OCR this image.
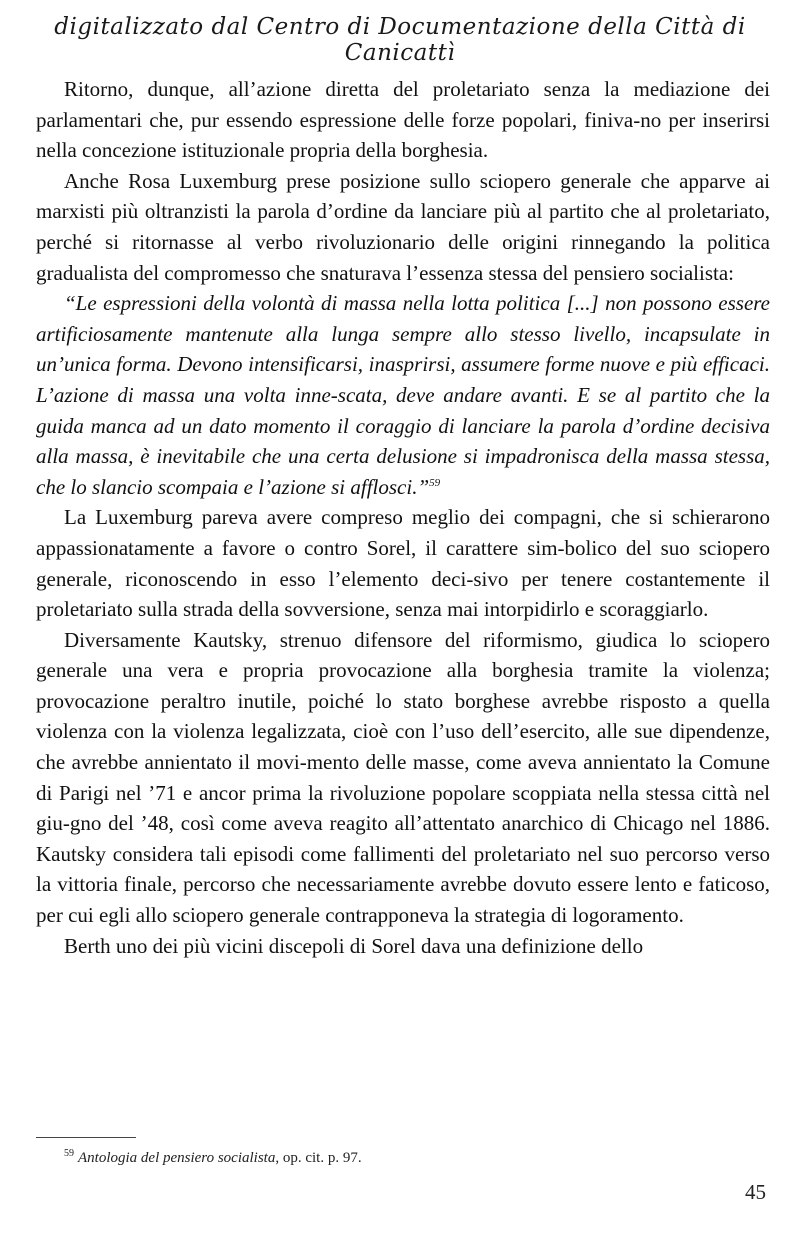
digitalizzato dal Centro di Documentazione della Città di Canicattì

Ritorno, dunque, all’azione diretta del proletariato senza la mediazione dei parlamentari che, pur essendo espressione delle forze popolari, finiva-no per inserirsi nella concezione istituzionale propria della borghesia.

Anche Rosa Luxemburg prese posizione sullo sciopero generale che apparve ai marxisti più oltranzisti la parola d’ordine da lanciare più al partito che al proletariato, perché si ritornasse al verbo rivoluzionario delle origini rinnegando la politica gradualista del compromesso che snaturava l’essenza stessa del pensiero socialista:

“Le espressioni della volontà di massa nella lotta politica [...] non possono essere artificiosamente mantenute alla lunga sempre allo stesso livello, incapsulate in un’unica forma. Devono intensificarsi, inasprirsi, assumere forme nuove e più efficaci. L’azione di massa una volta inne-scata, deve andare avanti. E se al partito che la guida manca ad un dato momento il coraggio di lanciare la parola d’ordine decisiva alla massa, è inevitabile che una certa delusione si impadronisca della massa stessa, che lo slancio scompaia e l’azione si afflosci.”$^{59}$

La Luxemburg pareva avere compreso meglio dei compagni, che si schierarono appassionatamente a favore o contro Sorel, il carattere sim-bolico del suo sciopero generale, riconoscendo in esso l’elemento deci-sivo per tenere costantemente il proletariato sulla strada della sovversione, senza mai intorpidirlo e scoraggiarlo.

Diversamente Kautsky, strenuo difensore del riformismo, giudica lo sciopero generale una vera e propria provocazione alla borghesia tramite la violenza; provocazione peraltro inutile, poiché lo stato borghese avrebbe risposto a quella violenza con la violenza legalizzata, cioè con l’uso dell’esercito, alle sue dipendenze, che avrebbe annientato il movi-mento delle masse, come aveva annientato la Comune di Parigi nel ’71 e ancor prima la rivoluzione popolare scoppiata nella stessa città nel giu-gno del ’48, così come aveva reagito all’attentato anarchico di Chicago nel 1886. Kautsky considera tali episodi come fallimenti del proletariato nel suo percorso verso la vittoria finale, percorso che necessariamente avrebbe dovuto essere lento e faticoso, per cui egli allo sciopero generale contrapponeva la strategia di logoramento.

Berth uno dei più vicini discepoli di Sorel dava una definizione dello

$^{59}$ Antologia del pensiero socialista, op. cit. p. 97.
45
